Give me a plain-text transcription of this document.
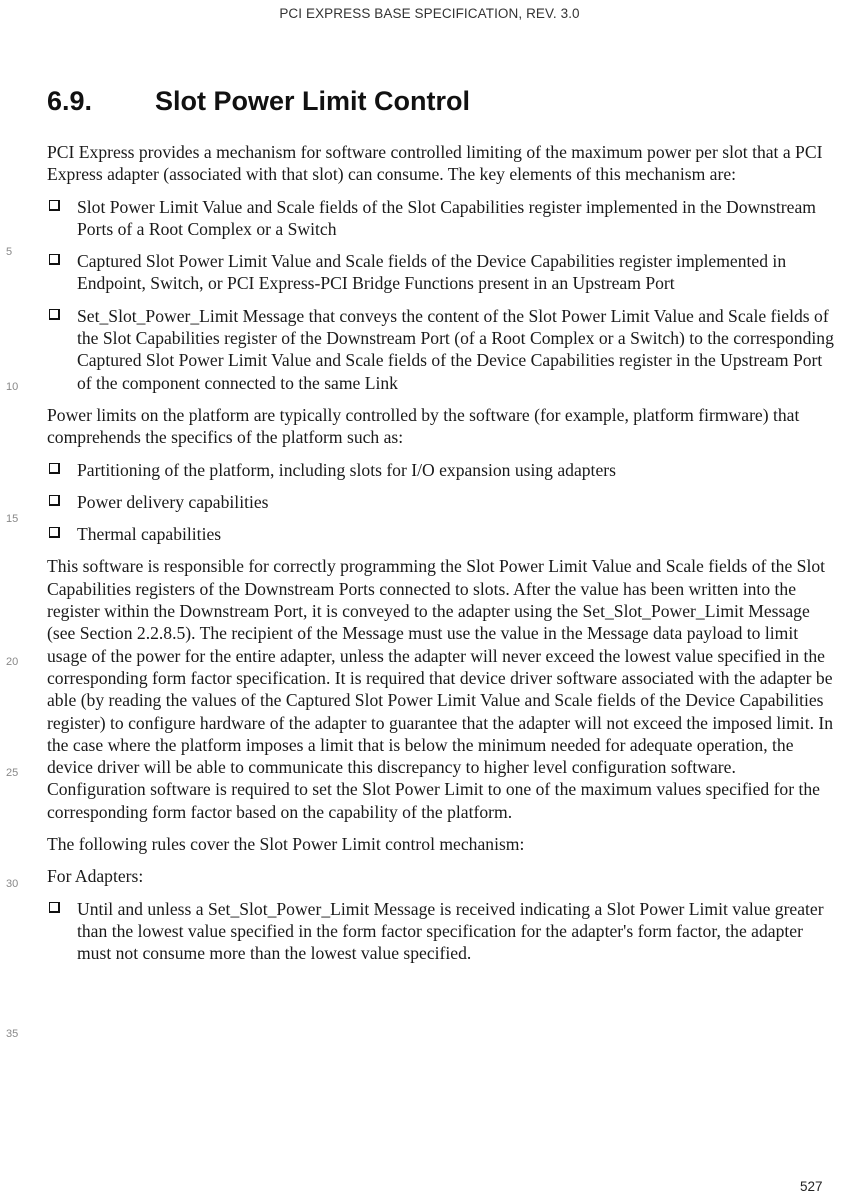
PCI EXPRESS BASE SPECIFICATION, REV. 3.0
6.9. Slot Power Limit Control

PCI Express provides a mechanism for software controlled limiting of the maximum power per slot that a PCI Express adapter (associated with that slot) can consume. The key elements of this mechanism are:

Slot Power Limit Value and Scale fields of the Slot Capabilities register implemented in the Downstream Ports of a Root Complex or a Switch
Captured Slot Power Limit Value and Scale fields of the Device Capabilities register implemented in Endpoint, Switch, or PCI Express-PCI Bridge Functions present in an Upstream Port
Set_Slot_Power_Limit Message that conveys the content of the Slot Power Limit Value and Scale fields of the Slot Capabilities register of the Downstream Port (of a Root Complex or a Switch) to the corresponding Captured Slot Power Limit Value and Scale fields of the Device Capabilities register in the Upstream Port of the component connected to the same Link

Power limits on the platform are typically controlled by the software (for example, platform firmware) that comprehends the specifics of the platform such as:

Partitioning of the platform, including slots for I/O expansion using adapters
Power delivery capabilities
Thermal capabilities

This software is responsible for correctly programming the Slot Power Limit Value and Scale fields of the Slot Capabilities registers of the Downstream Ports connected to slots. After the value has been written into the register within the Downstream Port, it is conveyed to the adapter using the Set_Slot_Power_Limit Message (see Section 2.2.8.5). The recipient of the Message must use the value in the Message data payload to limit usage of the power for the entire adapter, unless the adapter will never exceed the lowest value specified in the corresponding form factor specification. It is required that device driver software associated with the adapter be able (by reading the values of the Captured Slot Power Limit Value and Scale fields of the Device Capabilities register) to configure hardware of the adapter to guarantee that the adapter will not exceed the imposed limit. In the case where the platform imposes a limit that is below the minimum needed for adequate operation, the device driver will be able to communicate this discrepancy to higher level configuration software. Configuration software is required to set the Slot Power Limit to one of the maximum values specified for the corresponding form factor based on the capability of the platform.

The following rules cover the Slot Power Limit control mechanism:

For Adapters:

Until and unless a Set_Slot_Power_Limit Message is received indicating a Slot Power Limit value greater than the lowest value specified in the form factor specification for the adapter's form factor, the adapter must not consume more than the lowest value specified.
5
10
15
20
25
30
35
527
